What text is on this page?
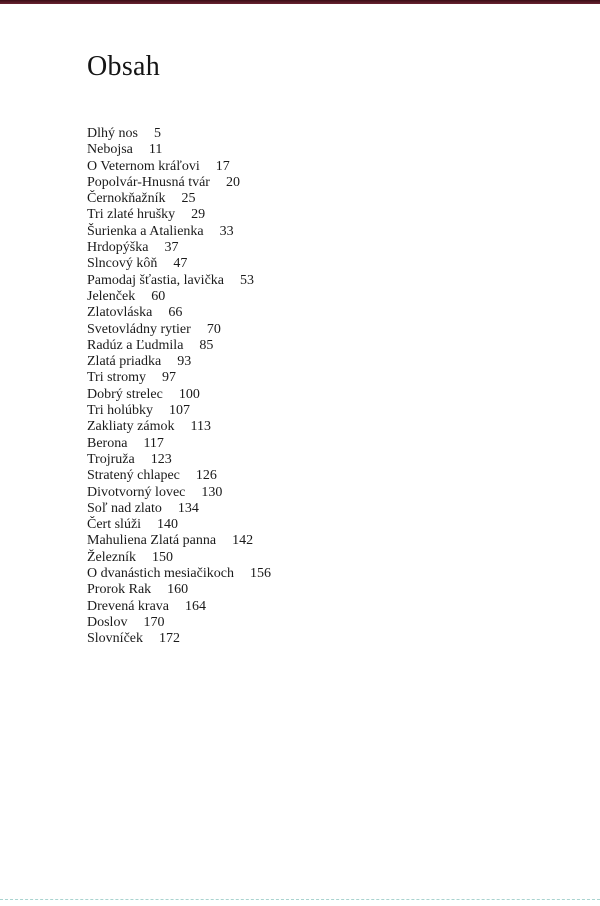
Obsah
Dlhý nos 5
Nebojsa 11
O Veternom kráľovi 17
Popolvár-Hnusná tvár 20
Černokňažník 25
Tri zlaté hrušky 29
Šurienka a Atalienka 33
Hrdopýška 37
Slncový kôň 47
Pamodaj šťastia, lavička 53
Jelenček 60
Zlatovláska 66
Svetovládny rytier 70
Radúz a Ľudmila 85
Zlatá priadka 93
Tri stromy 97
Dobrý strelec 100
Tri holúbky 107
Zakliaty zámok 113
Berona 117
Trojruža 123
Stratený chlapec 126
Divotvorný lovec 130
Soľ nad zlato 134
Čert slúži 140
Mahuliena Zlatá panna 142
Železník 150
O dvanástich mesiačikoch 156
Prorok Rak 160
Drevená krava 164
Doslov 170
Slovníček 172
